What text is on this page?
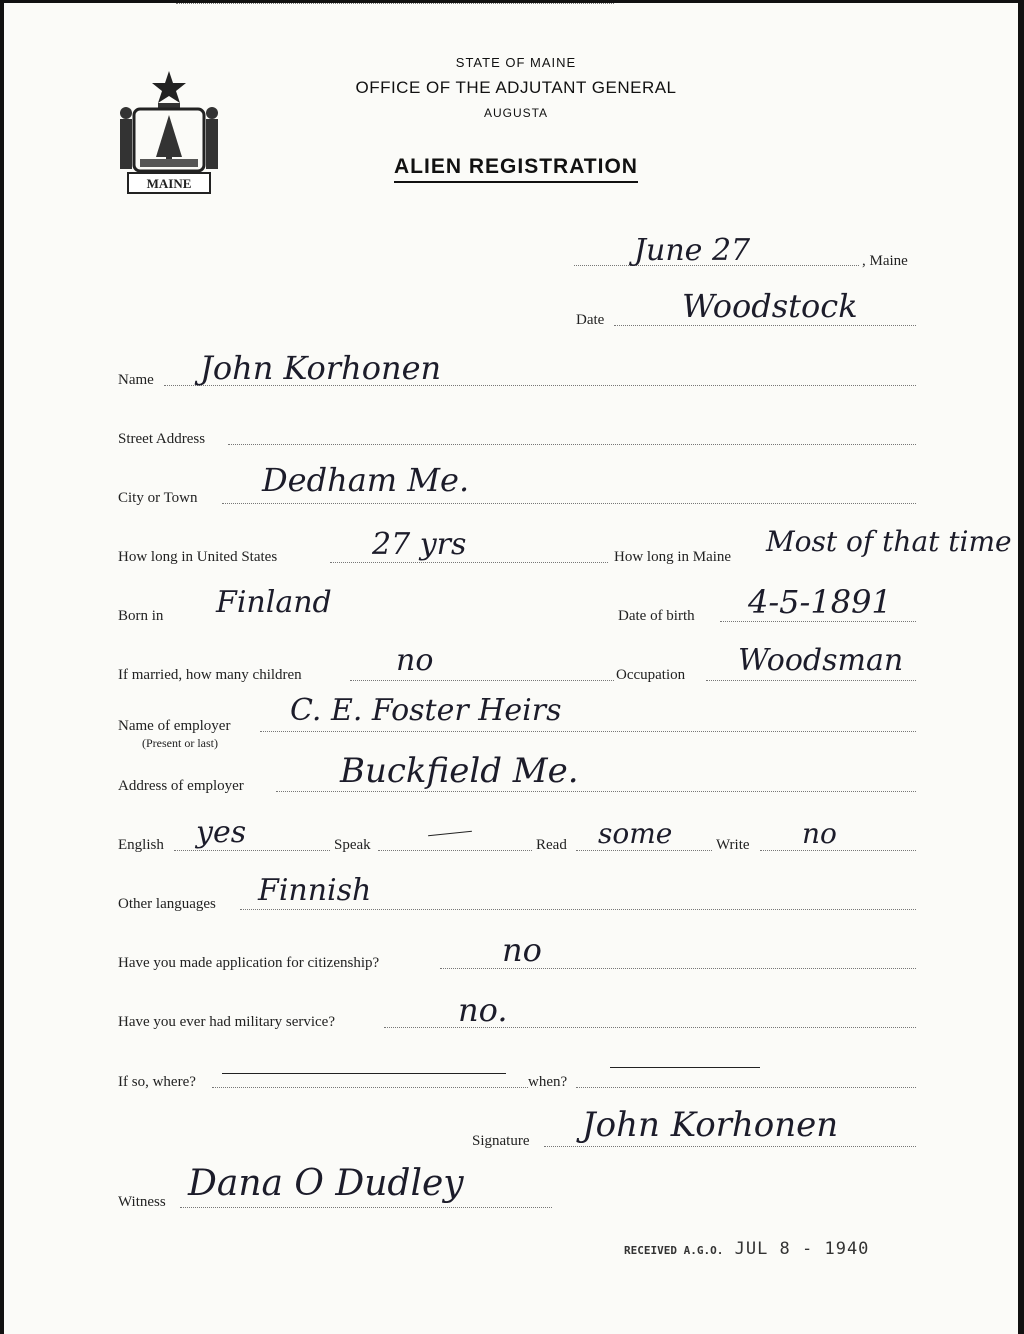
MAINE
STATE OF MAINE
OFFICE OF THE ADJUTANT GENERAL
AUGUSTA
ALIEN REGISTRATION
June 27	, Maine
Date Woodstock
Name John Korhonen
Street Address
City or Town Dedham Me.
How long in United States	27 yrs	How long in Maine Most of that time
Born in Finland	Date of birth 4-5-1891
If married, how many children	no	Occupation Woodsman
Name of employer
(Present or last)
C. E. Foster Heirs
Address of employer	Buckfield Me.
English yes	Speak	Read some	Write no
Other languages Finnish
Have you made application for citizenship?	no
Have you ever had military service?	no.
If so, where?	when?
Signature John Korhonen
Witness Dana O Dudley
RECEIVED A.G.O. JUL 8 - 1940
